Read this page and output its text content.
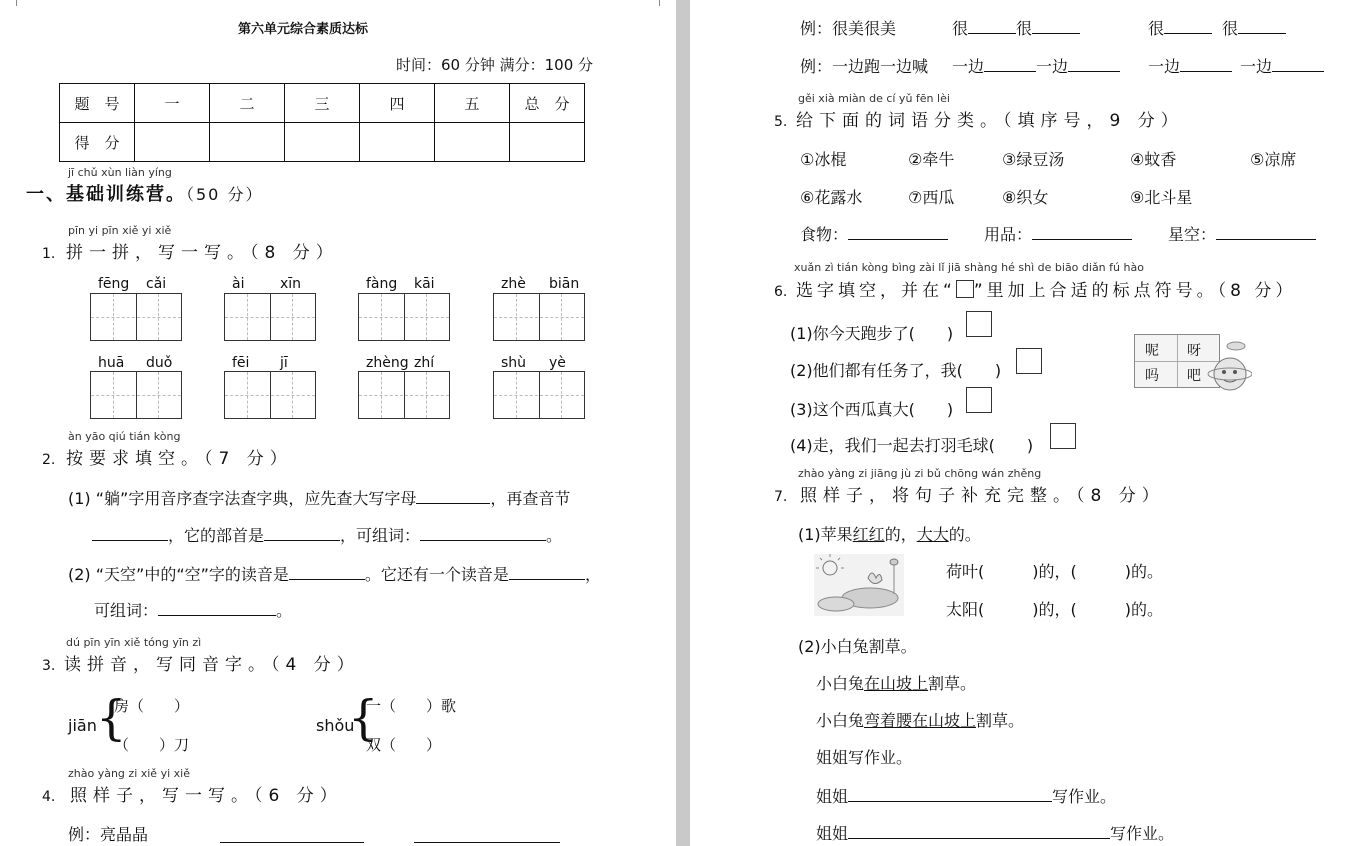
第六单元综合素质达标
时间：60 分钟 满分：100 分
题　号	一	二	三	四	五	总　分
得　分						
jī chǔ xùn liàn yíng
一、基础训练营。（50 分）
pīn yi pīn xiě yi xiě
1. 拼一拼，写一写。（8 分）
fēng cǎi	ài	xīn	fàng kāi	zhè biān
huā duǒ	fēi jī	zhèng zhí	shù yè
àn yāo qiú tián kòng
2. 按要求填空。（7 分）
(1) “躺”字用音序查字法查字典，应先查大写字母	，再查音节
，它的部首是	，可组词：	。
(2) “天空”中的“空”字的读音是	。它还有一个读音是	，
可组词：	。
dú pīn yīn xiě tóng yīn zì
3. 读拼音，写同音字。（4 分）
jiān {
房（　　）
（　　）刀
shǒu
{
一（　　）歌
双（　　）
zhào yàng zi xiě yi xiě
4. 照样子，写一写。（6 分）
例：亮晶晶
例：很美很美	很	很	很	很
例：一边跑一边喊 一边	一边	一边	一边
gěi xià miàn de cí yǔ fēn lèi
5. 给下面的词语分类。（填序号，9 分）
①冰棍	②牵牛	③绿豆汤	④蚊香	⑤凉席
⑥花露水	⑦西瓜	⑧织女	⑨北斗星
食物：	用品：	星空：
xuǎn zì tián kòng bìng zài lǐ jiā shàng hé shì de biāo diǎn fú hào
6. 选字填空，并在“ ”里加上合适的标点符号。（8 分）
(1)你今天跑步了(　　)
(2)他们都有任务了，我(　　)
(3)这个西瓜真大(　　)
(4)走，我们一起去打羽毛球(　　)
呢 呀
吗 吧
zhào yàng zi jiāng jù zi bǔ chōng wán zhěng
7. 照样子，将句子补充完整。（8 分）
(1)苹果红红的，大大的。
荷叶(　　　)的，(　　　)的。
太阳(　　　)的，(　　　)的。
(2)小白兔割草。
小白兔在山坡上割草。
小白兔弯着腰在山坡上割草。
姐姐写作业。
姐姐	写作业。
姐姐	写作业。
